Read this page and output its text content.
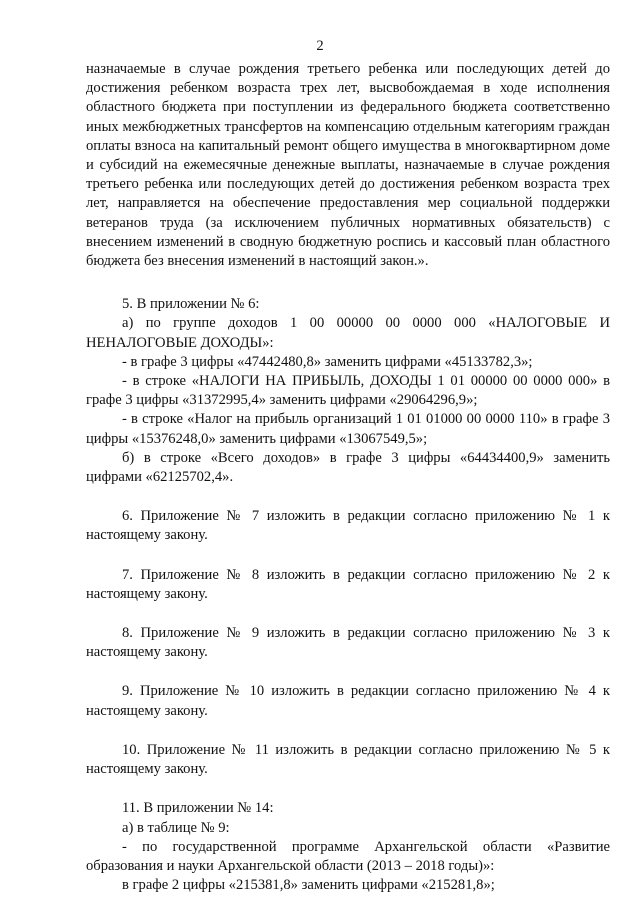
2

назначаемые в случае рождения третьего ребенка или последующих детей до достижения ребенком возраста трех лет, высвобождаемая в ходе исполнения областного бюджета при поступлении из федерального бюджета соответственно иных межбюджетных трансфертов на компенсацию отдельным категориям граждан оплаты взноса на капитальный ремонт общего имущества в многоквартирном доме и субсидий на ежемесячные денежные выплаты, назначаемые в случае рождения третьего ребенка или последующих детей до достижения ребенком возраста трех лет, направляется на обеспечение предоставления мер социальной поддержки ветеранов труда (за исключением публичных нормативных обязательств) с внесением изменений в сводную бюджетную роспись и кассовый план областного бюджета без внесения изменений в настоящий закон.».

5. В приложении № 6:

а) по группе доходов 1 00 00000 00 0000 000 «НАЛОГОВЫЕ И НЕНАЛОГОВЫЕ ДОХОДЫ»:

- в графе 3 цифры «47442480,8» заменить цифрами «45133782,3»;

- в строке «НАЛОГИ НА ПРИБЫЛЬ, ДОХОДЫ 1 01 00000 00 0000 000» в графе 3 цифры «31372995,4» заменить цифрами «29064296,9»;

- в строке «Налог на прибыль организаций 1 01 01000 00 0000 110» в графе 3 цифры «15376248,0» заменить цифрами «13067549,5»;

б) в строке «Всего доходов» в графе 3 цифры «64434400,9» заменить цифрами «62125702,4».

6. Приложение № 7 изложить в редакции согласно приложению № 1 к настоящему закону.

7. Приложение № 8 изложить в редакции согласно приложению № 2 к настоящему закону.

8. Приложение № 9 изложить в редакции согласно приложению № 3 к настоящему закону.

9. Приложение № 10 изложить в редакции согласно приложению № 4 к настоящему закону.

10. Приложение № 11 изложить в редакции согласно приложению № 5 к настоящему закону.

11. В приложении № 14:

а) в таблице № 9:

- по государственной программе Архангельской области «Развитие образования и науки Архангельской области (2013 – 2018 годы)»:

в графе 2 цифры «215381,8» заменить цифрами «215281,8»;
